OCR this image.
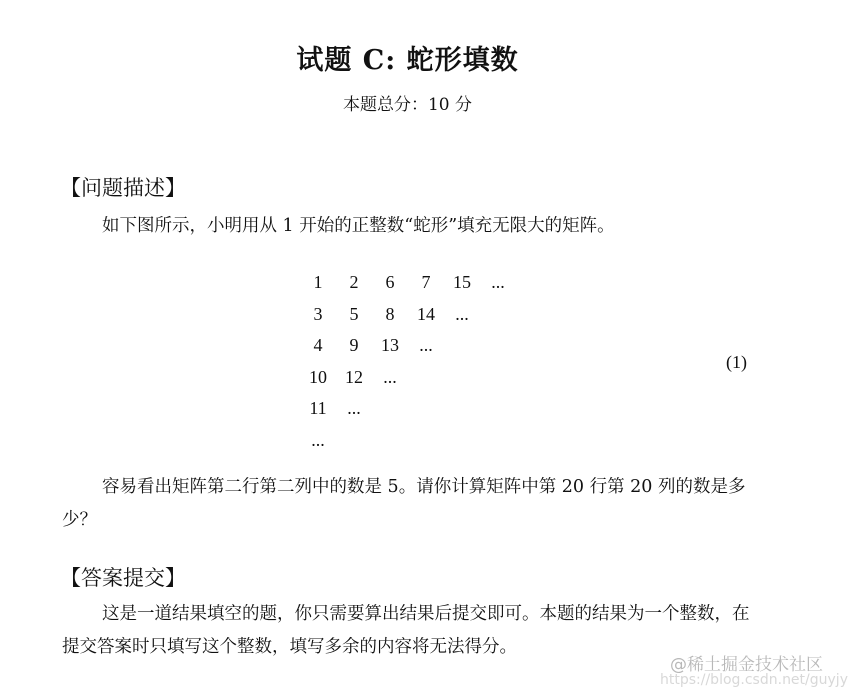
试题 C: 蛇形填数
本题总分：10 分
【问题描述】
如下图所示，小明用从 1 开始的正整数“蛇形”填充无限大的矩阵。
1	2	6	7	15	...
3	5	8	14	...
4	9	13	...
10	12	...
11	...
...
(1)
容易看出矩阵第二行第二列中的数是 5。请你计算矩阵中第 20 行第 20 列的数是多少？
【答案提交】
这是一道结果填空的题，你只需要算出结果后提交即可。本题的结果为一个整数，在提交答案时只填写这个整数，填写多余的内容将无法得分。
@稀土掘金技术社区
https://blog.csdn.net/guyjy
